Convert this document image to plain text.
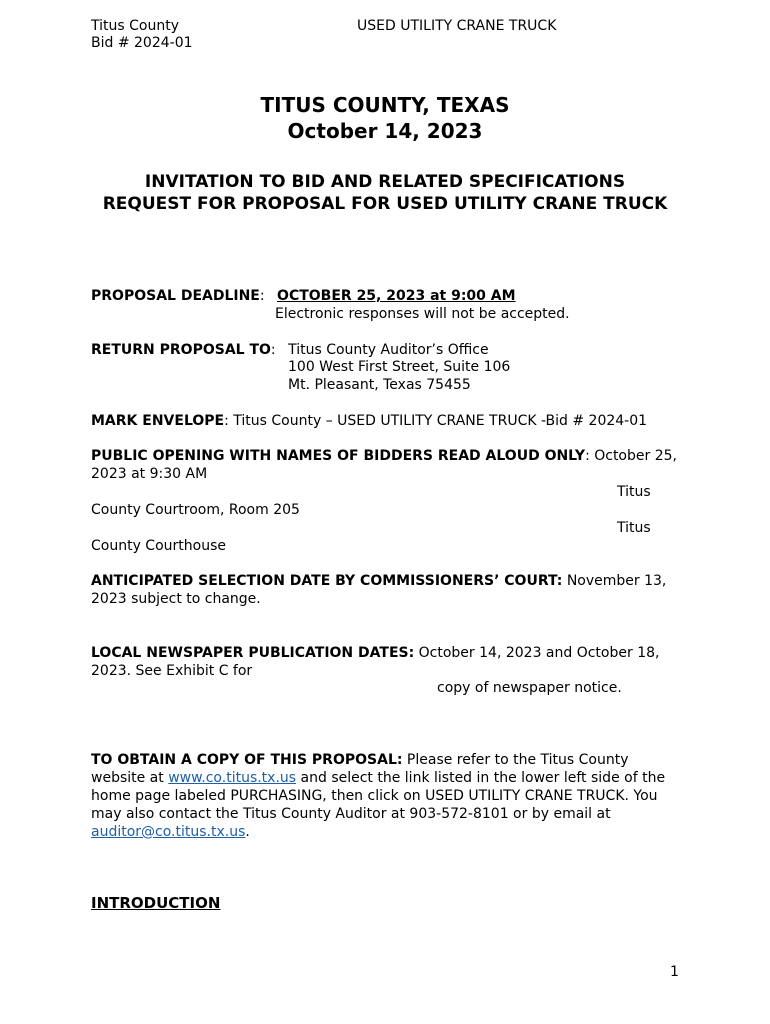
Titus County
Bid # 2024-01
USED UTILITY CRANE TRUCK
TITUS COUNTY, TEXAS
October 14, 2023
INVITATION TO BID AND RELATED SPECIFICATIONS
REQUEST FOR PROPOSAL FOR USED UTILITY CRANE TRUCK
PROPOSAL DEADLINE: OCTOBER 25, 2023 at 9:00 AM
Electronic responses will not be accepted.
RETURN PROPOSAL TO: Titus County Auditor’s Office
100 West First Street, Suite 106
Mt. Pleasant, Texas 75455
MARK ENVELOPE: Titus County – USED UTILITY CRANE TRUCK -Bid # 2024-01
PUBLIC OPENING WITH NAMES OF BIDDERS READ ALOUD ONLY: October 25,
2023 at 9:30 AM
Titus
County Courtroom, Room 205
Titus
County Courthouse
ANTICIPATED SELECTION DATE BY COMMISSIONERS’ COURT: November 13,
2023 subject to change.
LOCAL NEWSPAPER PUBLICATION DATES: October 14, 2023 and October 18,
2023. See Exhibit C for
copy of newspaper notice.
TO OBTAIN A COPY OF THIS PROPOSAL: Please refer to the Titus County
website at www.co.titus.tx.us and select the link listed in the lower left side of the
home page labeled PURCHASING, then click on USED UTILITY CRANE TRUCK. You
may also contact the Titus County Auditor at 903-572-8101 or by email at
auditor@co.titus.tx.us.
INTRODUCTION
1
